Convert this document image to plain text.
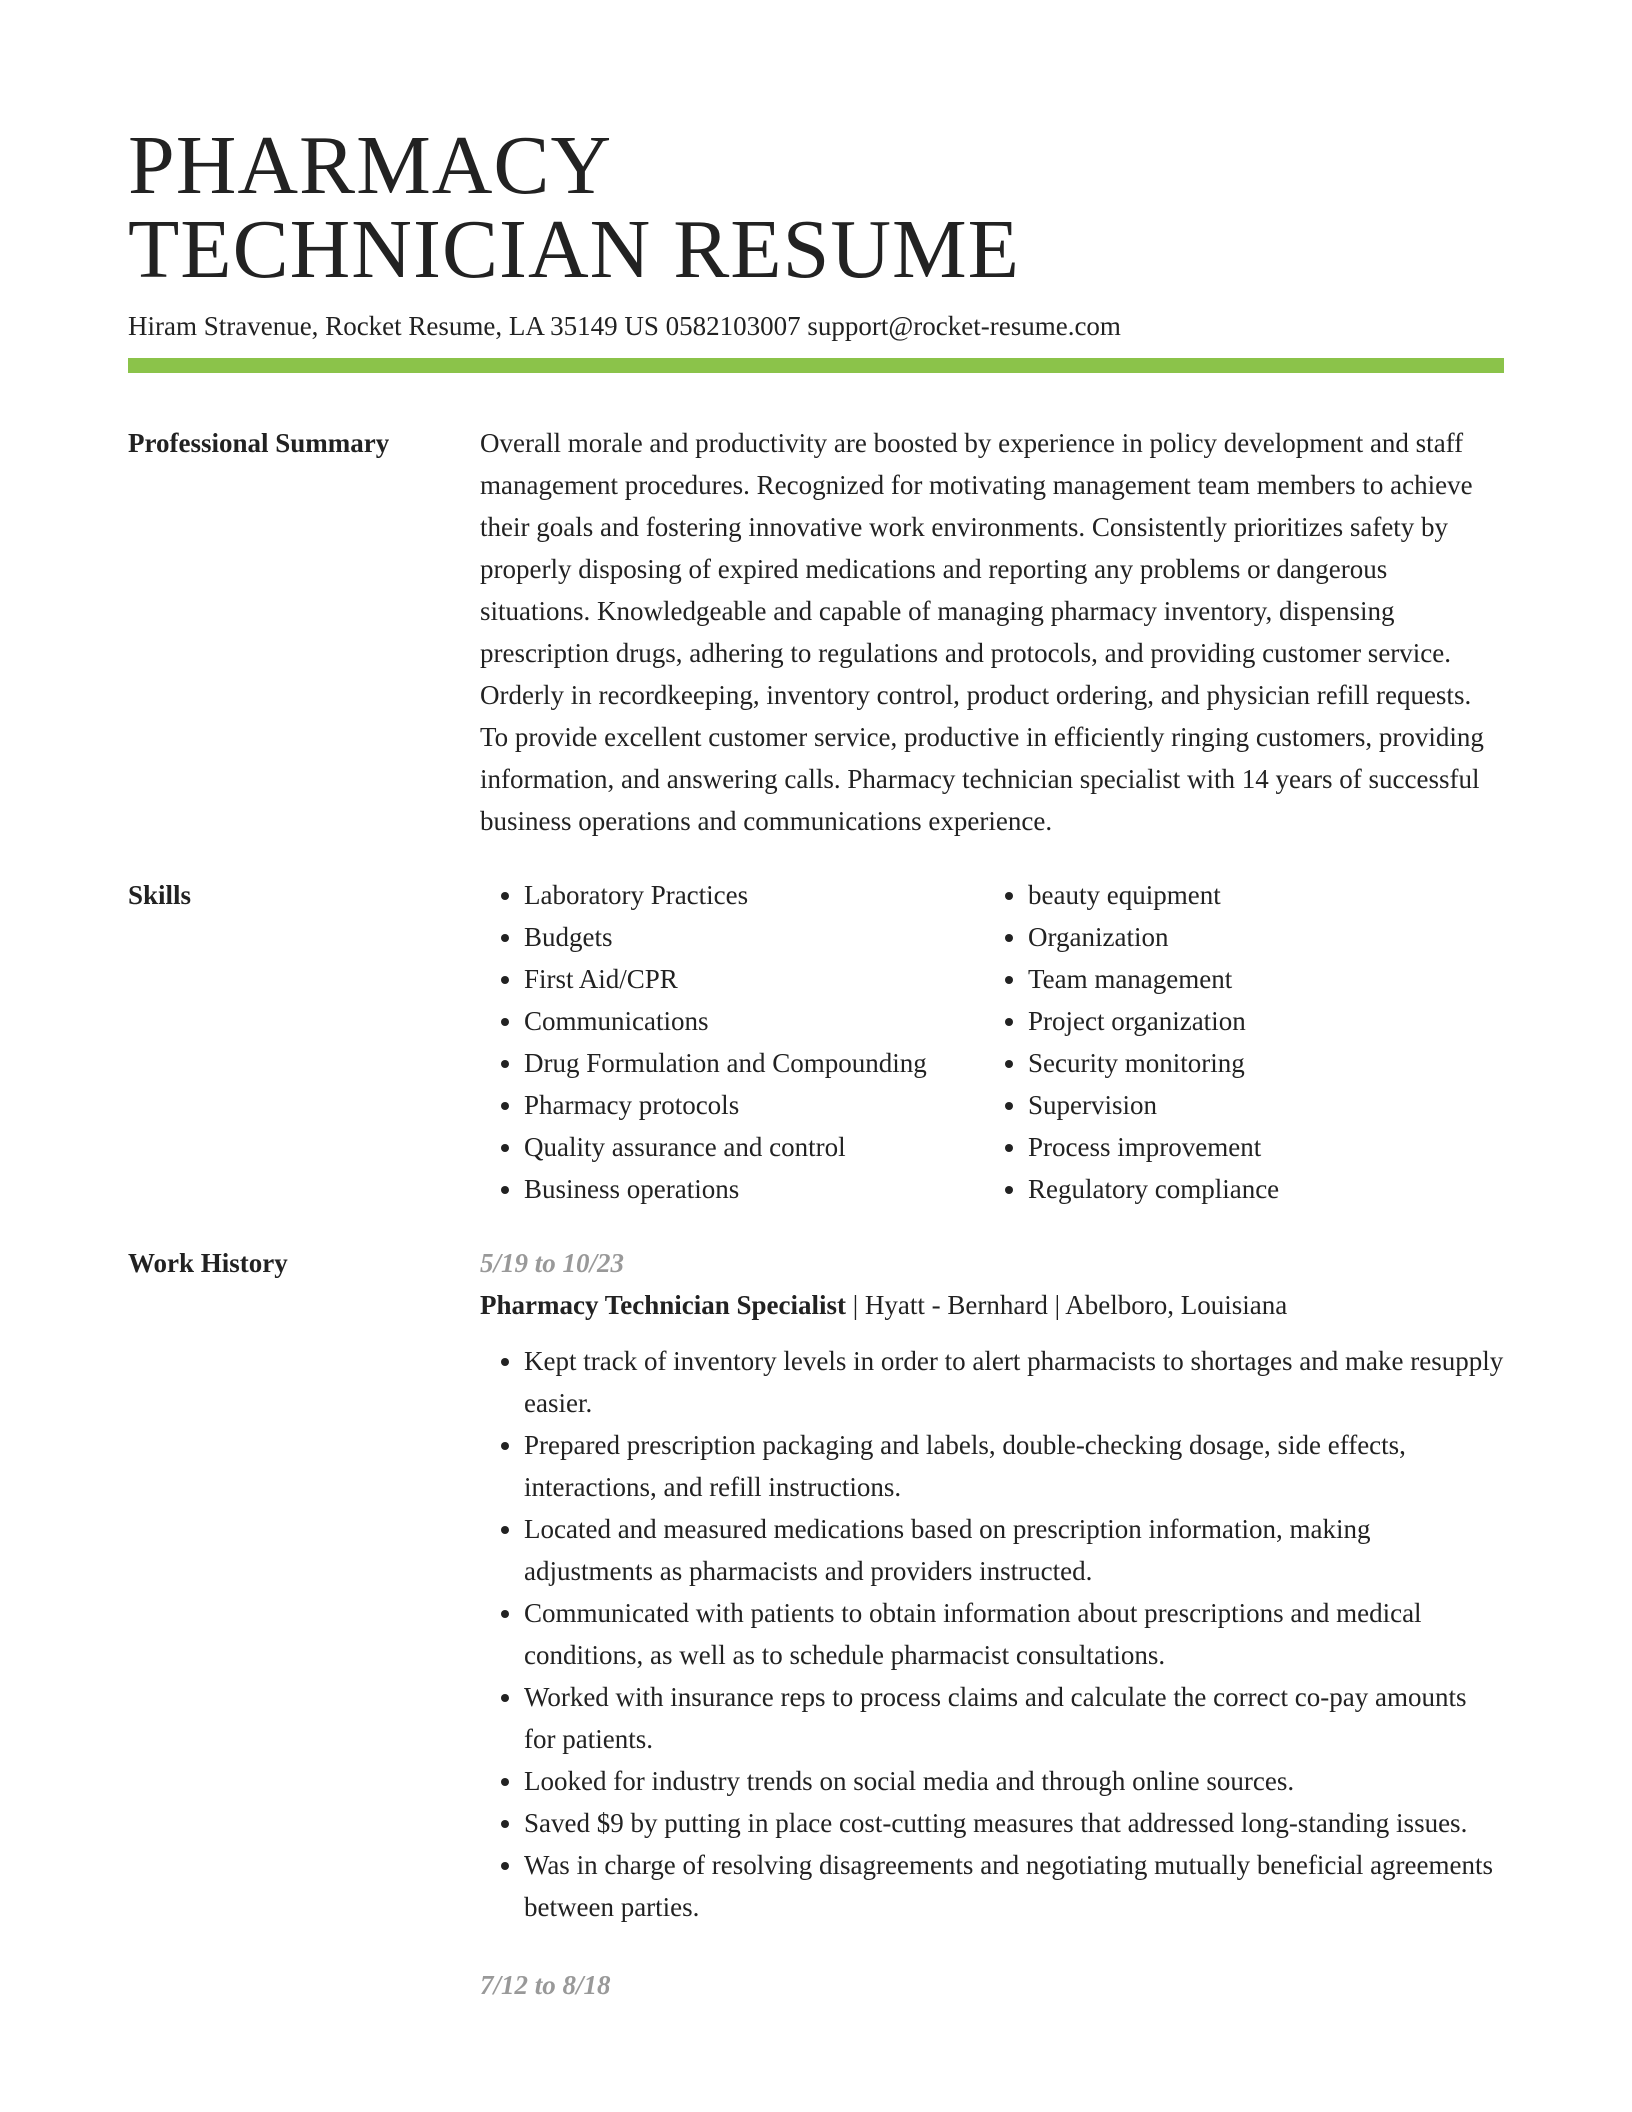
PHARMACY
TECHNICIAN RESUME
Hiram Stravenue, Rocket Resume, LA 35149 US 0582103007 support@rocket-resume.com
Professional Summary	Overall morale and productivity are boosted by experience in policy development and staff management procedures. Recognized for motivating management team members to achieve their goals and fostering innovative work environments. Consistently prioritizes safety by properly disposing of expired medications and reporting any problems or dangerous situations. Knowledgeable and capable of managing pharmacy inventory, dispensing prescription drugs, adhering to regulations and protocols, and providing customer service. Orderly in recordkeeping, inventory control, product ordering, and physician refill requests. To provide excellent customer service, productive in efficiently ringing customers, providing information, and answering calls. Pharmacy technician specialist with 14 years of successful business operations and communications experience.

Skills
•	Laboratory Practices
• Budgets
• First Aid/CPR
• Communications
• Drug Formulation and Compounding
• Pharmacy protocols
• Quality assurance and control
• Business operations
• beauty equipment
• Organization
• Team management
• Project organization
• Security monitoring
• Supervision
• Process improvement
• Regulatory compliance
Work History	5/19 to 10/23
Pharmacy Technician Specialist | Hyatt - Bernhard | Abelboro, Louisiana
• Kept track of inventory levels in order to alert pharmacists to shortages and make resupply easier.
• Prepared prescription packaging and labels, double-checking dosage, side effects, interactions, and refill instructions.
• Located and measured medications based on prescription information, making adjustments as pharmacists and providers instructed.
• Communicated with patients to obtain information about prescriptions and medical conditions, as well as to schedule pharmacist consultations.
• Worked with insurance reps to process claims and calculate the correct co-pay amounts for patients.
• Looked for industry trends on social media and through online sources.
• Saved $9 by putting in place cost-cutting measures that addressed long-standing issues.
• Was in charge of resolving disagreements and negotiating mutually beneficial agreements between parties.
7/12 to 8/18
